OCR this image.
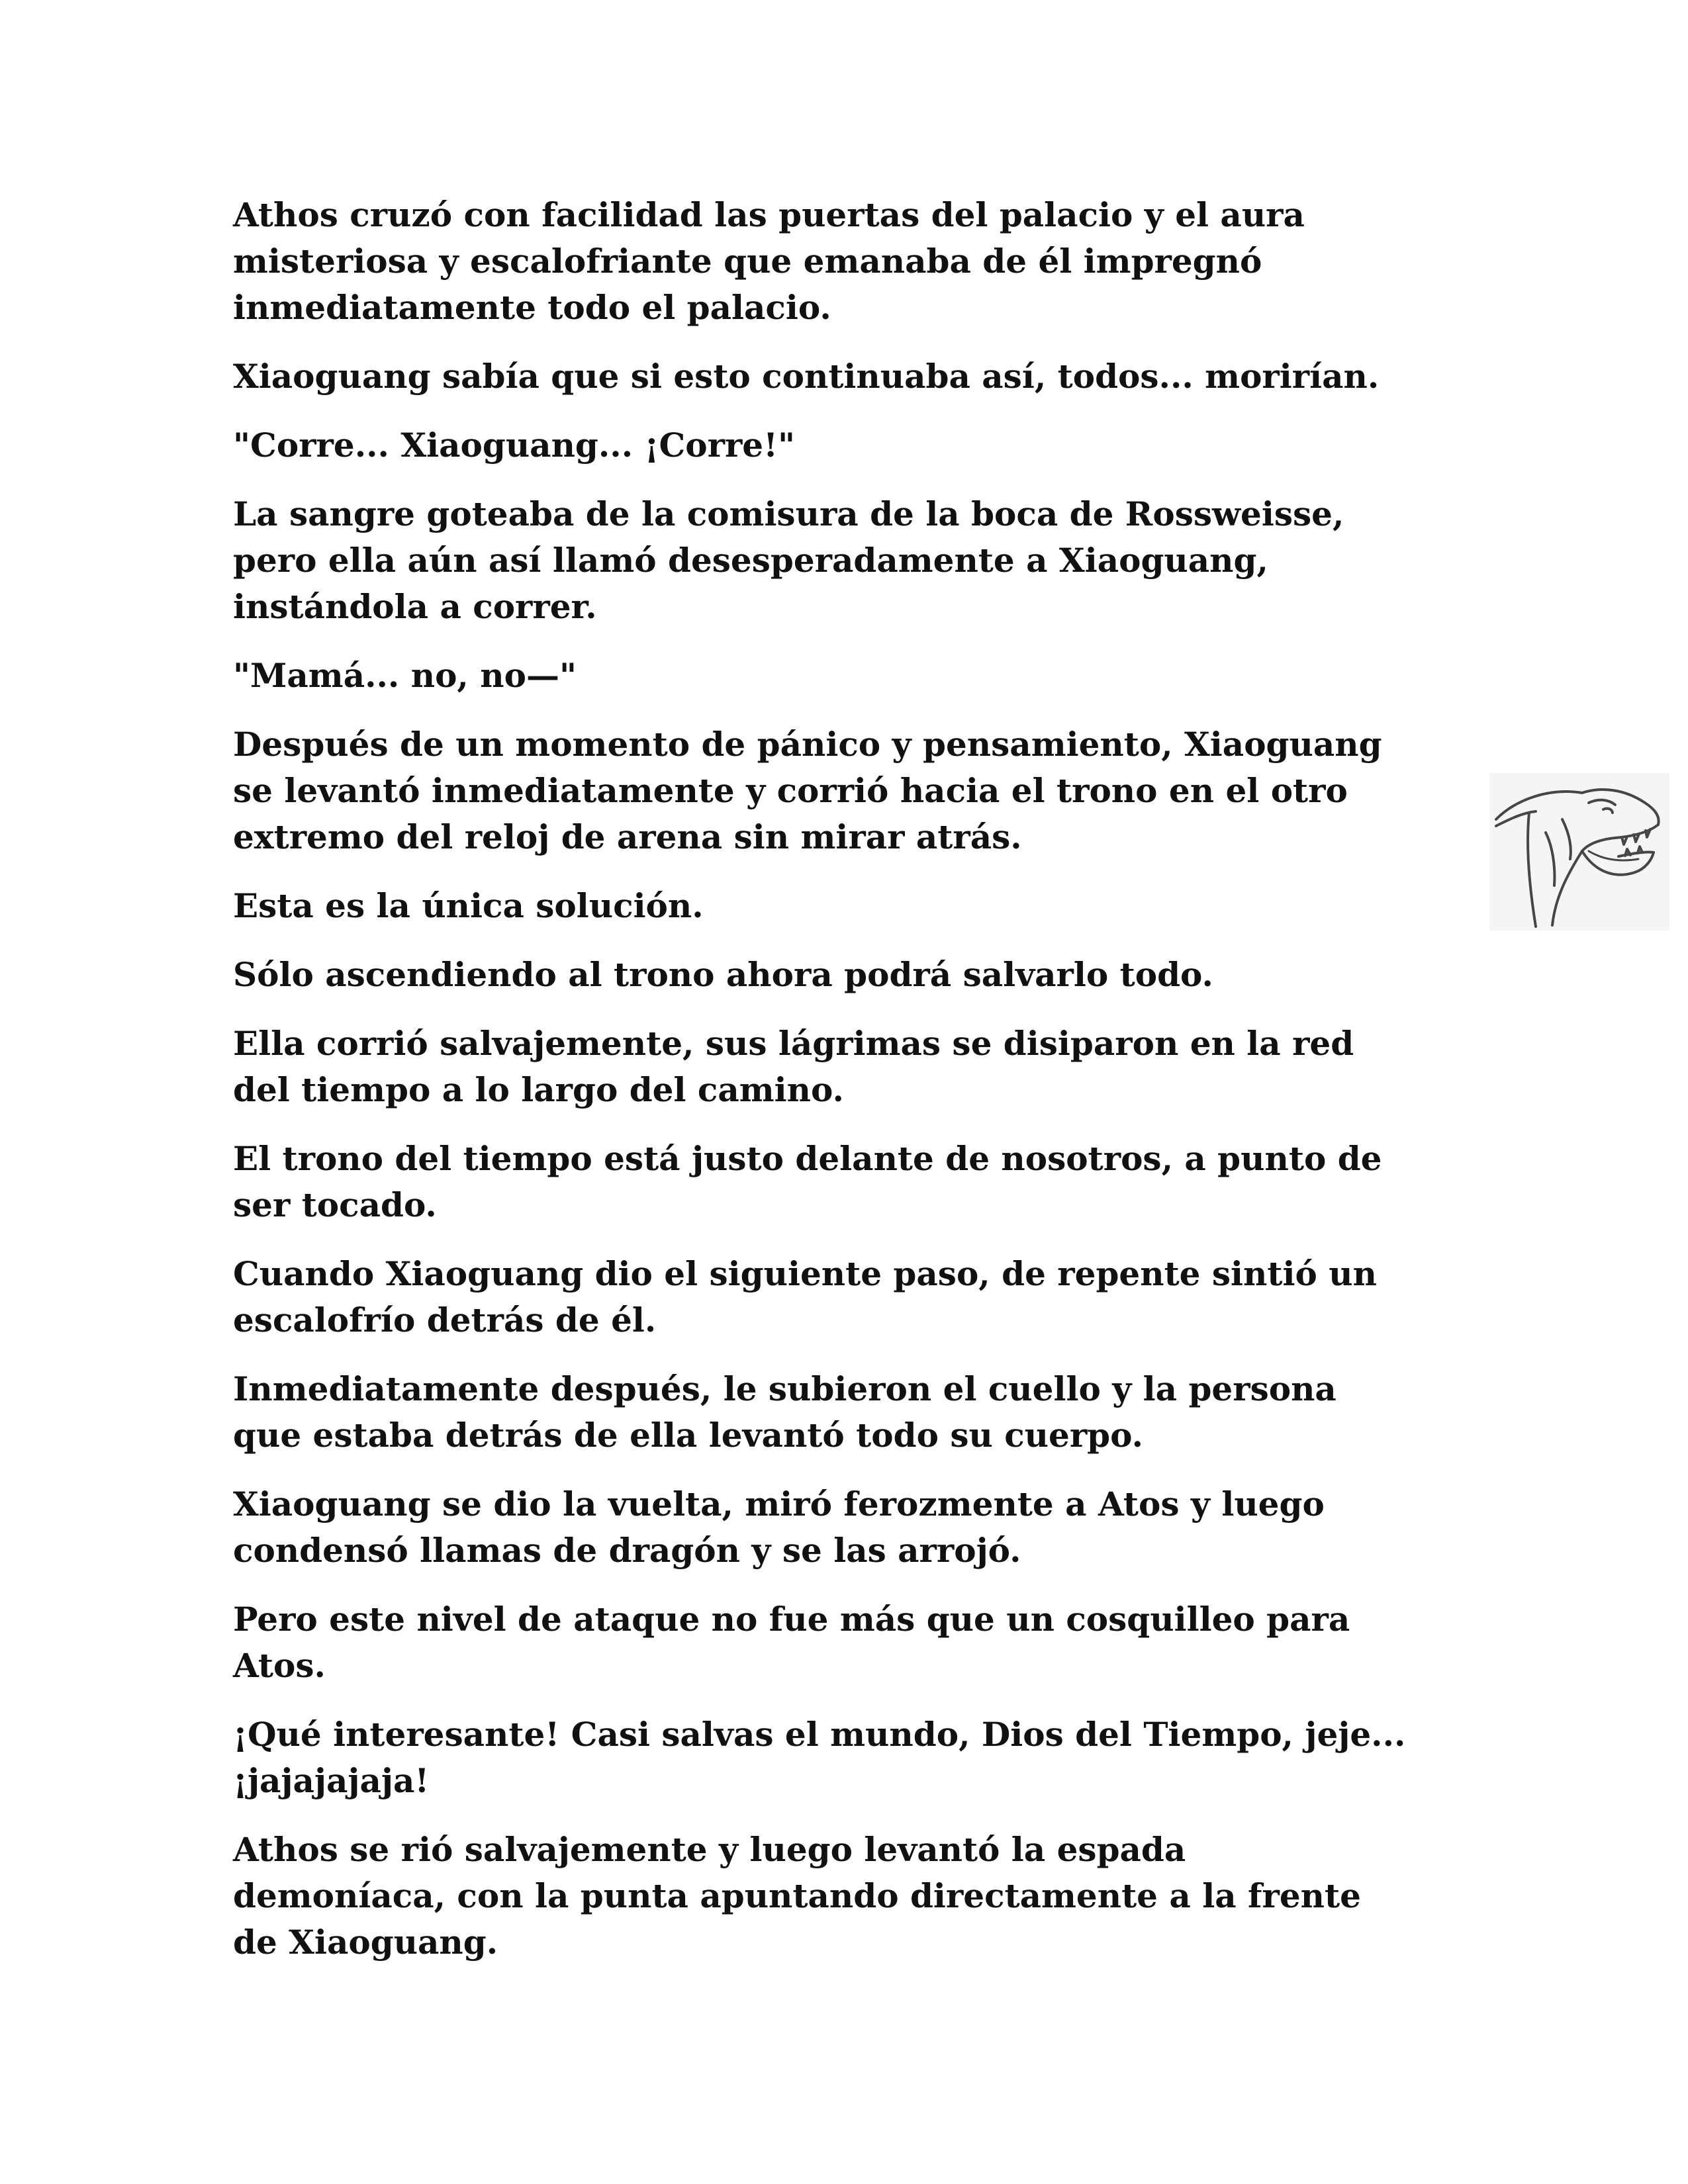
Athos cruzó con facilidad las puertas del palacio y el aura
misteriosa y escalofriante que emanaba de él impregnó
inmediatamente todo el palacio.

Xiaoguang sabía que si esto continuaba así, todos... morirían.

"Corre... Xiaoguang... ¡Corre!"

La sangre goteaba de la comisura de la boca de Rossweisse,
pero ella aún así llamó desesperadamente a Xiaoguang,
instándola a correr.

"Mamá... no, no—"

Después de un momento de pánico y pensamiento, Xiaoguang
se levantó inmediatamente y corrió hacia el trono en el otro
extremo del reloj de arena sin mirar atrás.

Esta es la única solución.

Sólo ascendiendo al trono ahora podrá salvarlo todo.

Ella corrió salvajemente, sus lágrimas se disiparon en la red
del tiempo a lo largo del camino.

El trono del tiempo está justo delante de nosotros, a punto de
ser tocado.

Cuando Xiaoguang dio el siguiente paso, de repente sintió un
escalofrío detrás de él.

Inmediatamente después, le subieron el cuello y la persona
que estaba detrás de ella levantó todo su cuerpo.

Xiaoguang se dio la vuelta, miró ferozmente a Atos y luego
condensó llamas de dragón y se las arrojó.

Pero este nivel de ataque no fue más que un cosquilleo para
Atos.

¡Qué interesante! Casi salvas el mundo, Dios del Tiempo, jeje...
¡jajajajaja!

Athos se rió salvajemente y luego levantó la espada
demoníaca, con la punta apuntando directamente a la frente
de Xiaoguang.
